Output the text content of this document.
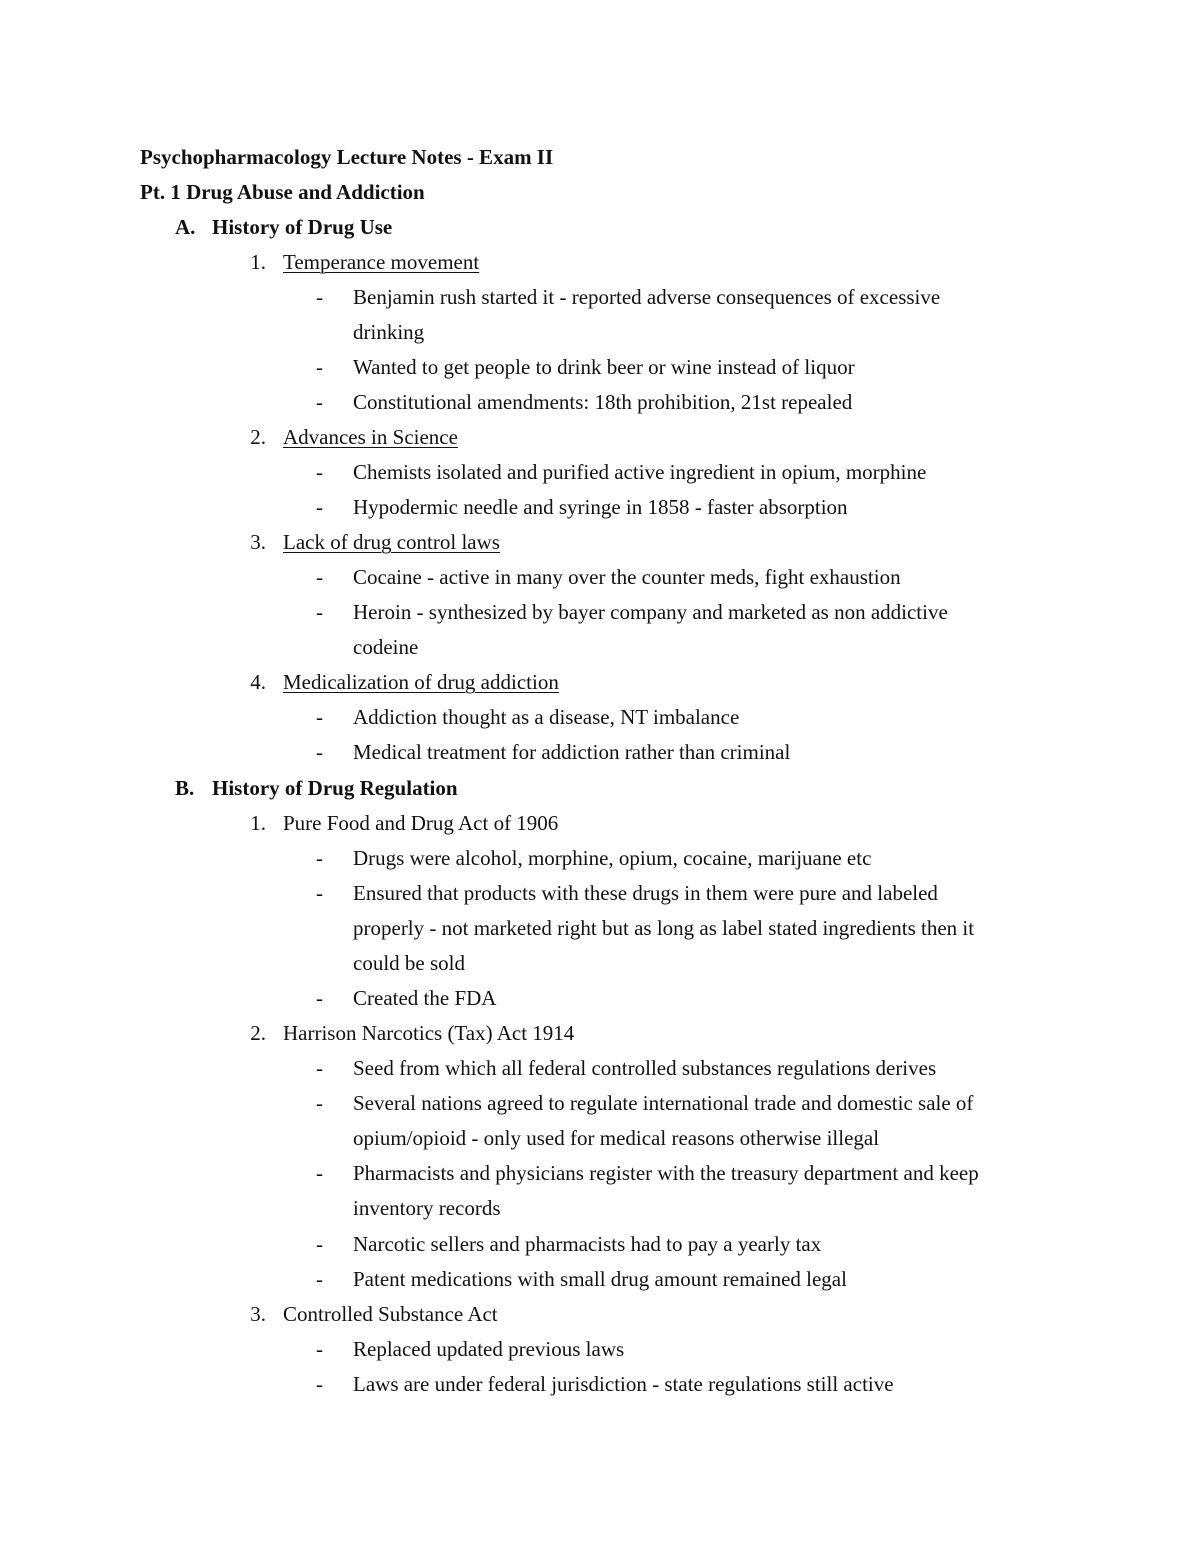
Psychopharmacology Lecture Notes - Exam II
Pt. 1 Drug Abuse and Addiction
A. History of Drug Use
1. Temperance movement
- Benjamin rush started it - reported adverse consequences of excessive
drinking
- Wanted to get people to drink beer or wine instead of liquor
- Constitutional amendments: 18th prohibition, 21st repealed
2. Advances in Science
- Chemists isolated and purified active ingredient in opium, morphine
- Hypodermic needle and syringe in 1858 - faster absorption
3. Lack of drug control laws
- Cocaine - active in many over the counter meds, fight exhaustion
- Heroin - synthesized by bayer company and marketed as non addictive
codeine
4. Medicalization of drug addiction
- Addiction thought as a disease, NT imbalance
- Medical treatment for addiction rather than criminal
B. History of Drug Regulation
1. Pure Food and Drug Act of 1906
- Drugs were alcohol, morphine, opium, cocaine, marijuane etc
- Ensured that products with these drugs in them were pure and labeled
properly - not marketed right but as long as label stated ingredients then it
could be sold
- Created the FDA
2. Harrison Narcotics (Tax) Act 1914
- Seed from which all federal controlled substances regulations derives
- Several nations agreed to regulate international trade and domestic sale of
opium/opioid - only used for medical reasons otherwise illegal
- Pharmacists and physicians register with the treasury department and keep
inventory records
- Narcotic sellers and pharmacists had to pay a yearly tax
- Patent medications with small drug amount remained legal
3. Controlled Substance Act
- Replaced updated previous laws
- Laws are under federal jurisdiction - state regulations still active
